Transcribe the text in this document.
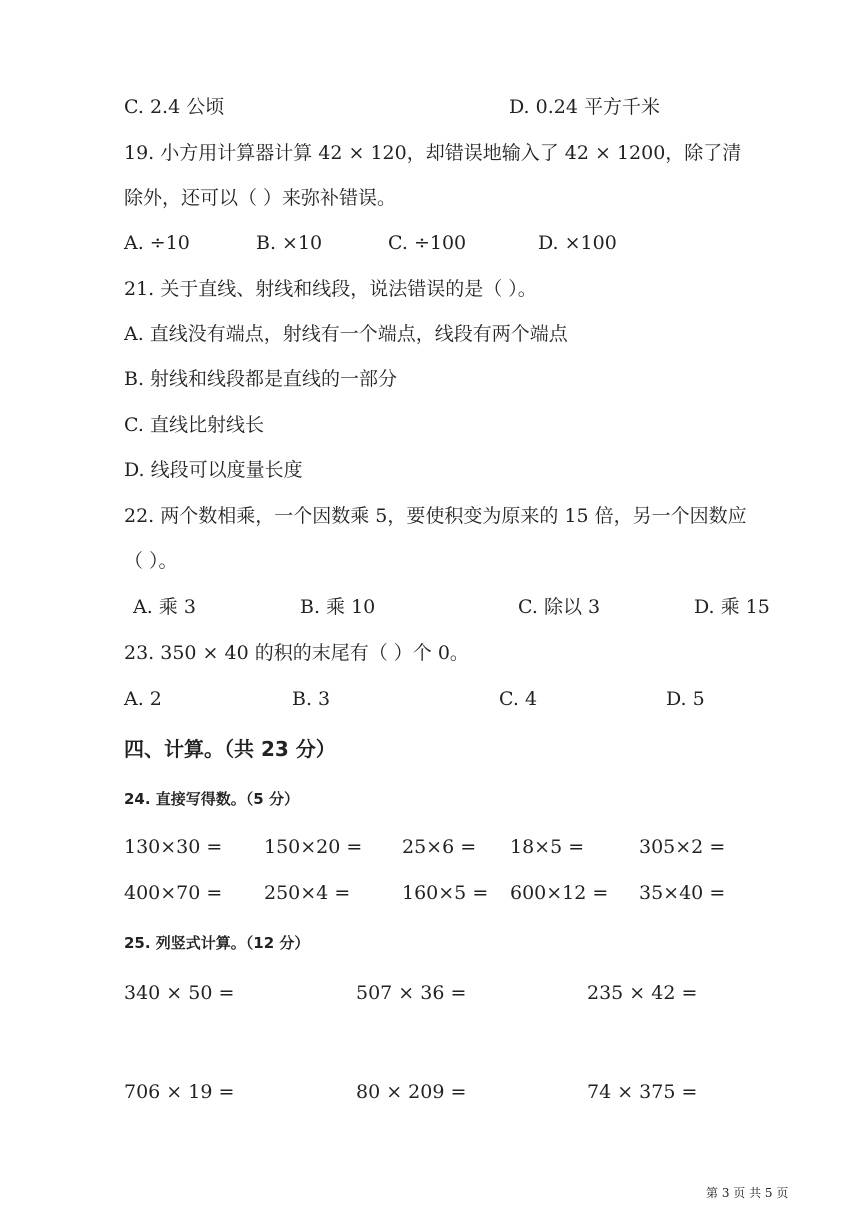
C. 2.4 公顷	D. 0.24 平方千米
19. 小方用计算器计算 42 × 120，却错误地输入了 42 × 1200，除了清
除外，还可以（ ）来弥补错误。
A. ÷10	B. ×10	C. ÷100	D. ×100
21. 关于直线、射线和线段，说法错误的是（ ）。
A. 直线没有端点，射线有一个端点，线段有两个端点
B. 射线和线段都是直线的一部分
C. 直线比射线长
D. 线段可以度量长度
22. 两个数相乘，一个因数乘 5，要使积变为原来的 15 倍，另一个因数应
（ ）。
A. 乘 3	B. 乘 10	C. 除以 3	D. 乘 15
23. 350 × 40 的积的末尾有（ ）个 0。
A. 2	B. 3	C. 4	D. 5
四、计算。（共 23 分）
24. 直接写得数。（5 分）
130×30 = 150×20 = 25×6 = 18×5 =	305×2 =
400×70 = 250×4 =	160×5 = 600×12 = 35×40 =
25. 列竖式计算。（12 分）
340 × 50 =	507 × 36 =	235 × 42 =
706 × 19 =	80 × 209 =	74 × 375 =
第 3 页 共 5 页
